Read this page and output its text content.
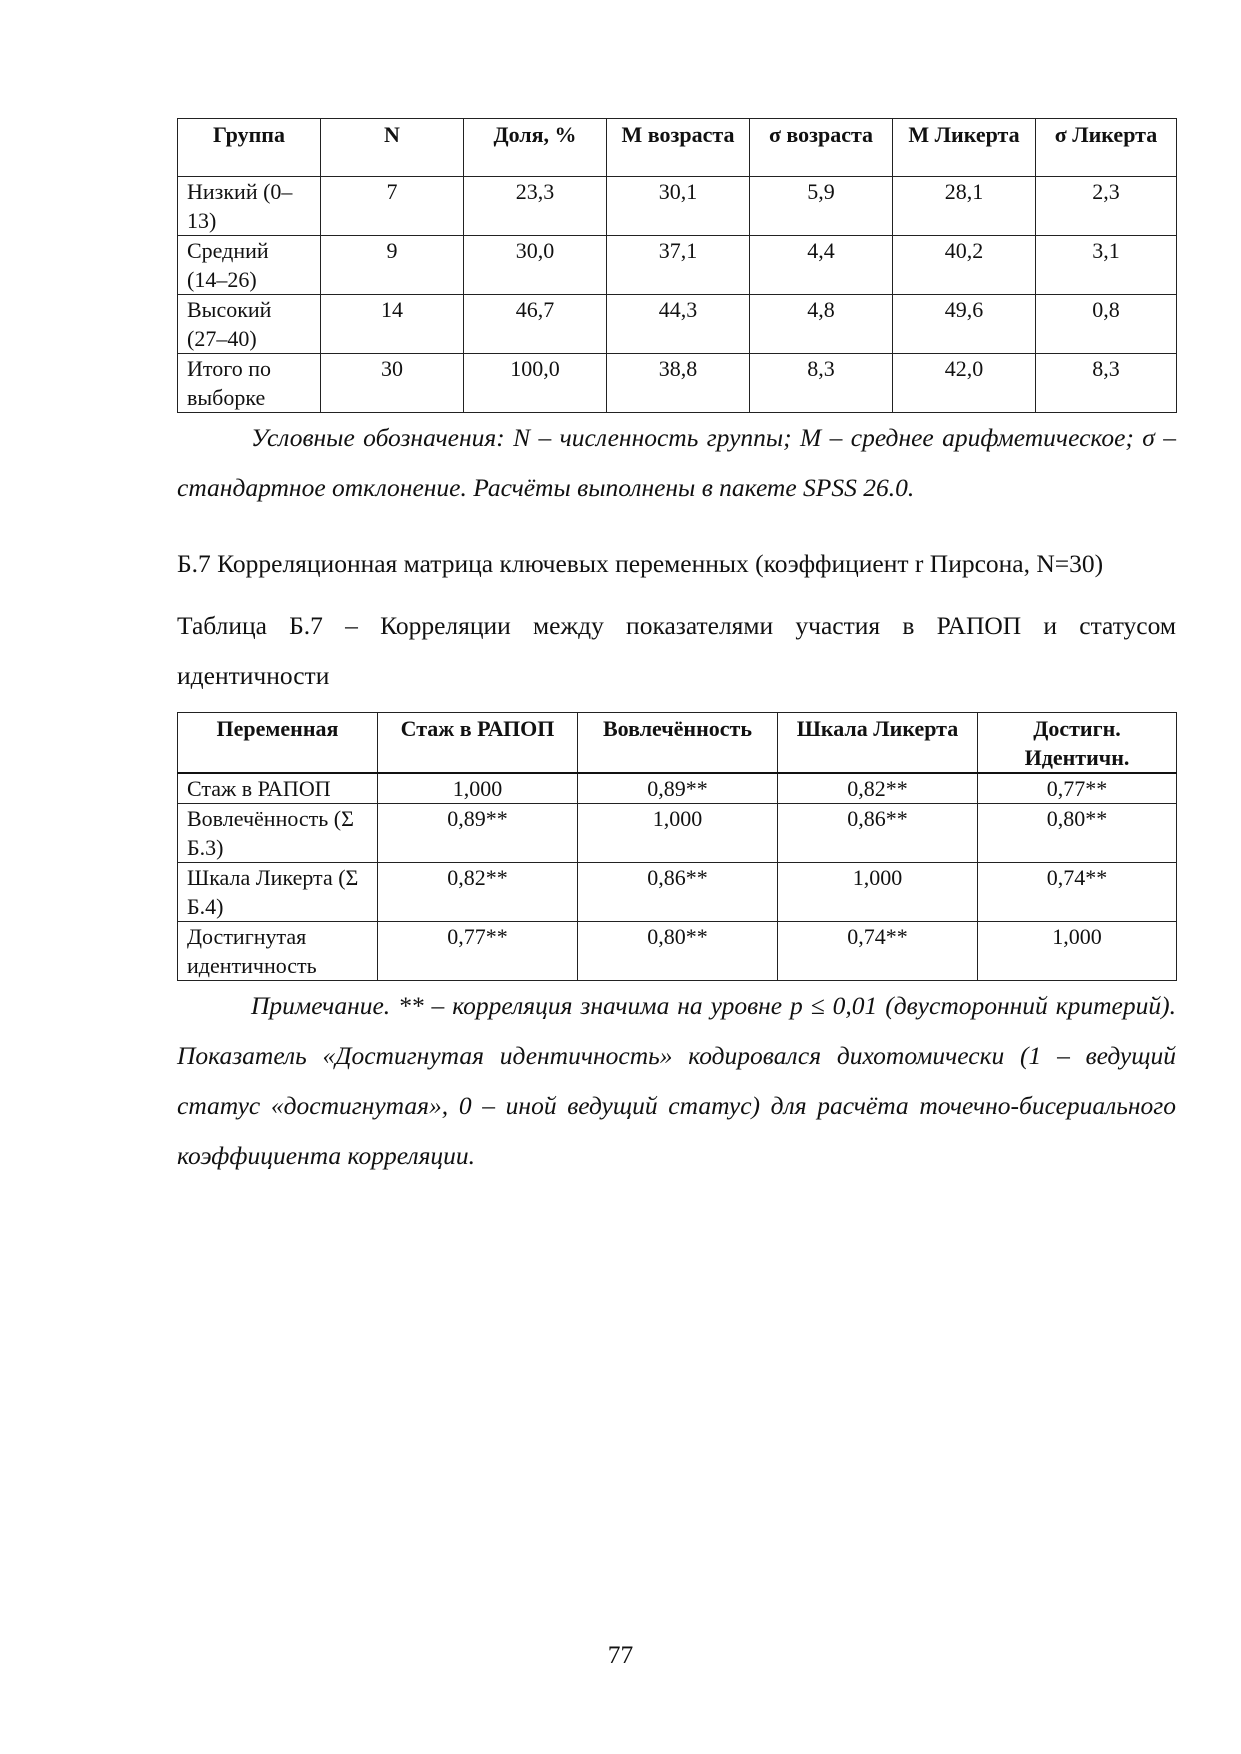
Группа	N	Доля, %	M возраста	σ возраста	M Ликерта	σ Ликерта
Низкий (0–13)	7	23,3	30,1	5,9	28,1	2,3
Средний (14–26)	9	30,0	37,1	4,4	40,2	3,1
Высокий (27–40)	14	46,7	44,3	4,8	49,6	0,8
Итого по выборке	30	100,0	38,8	8,3	42,0	8,3

Условные обозначения: N – численность группы; M – среднее арифметическое; σ – стандартное отклонение. Расчёты выполнены в пакете SPSS 26.0.

Б.7 Корреляционная матрица ключевых переменных (коэффициент r Пирсона, N=30)

Таблица Б.7 – Корреляции между показателями участия в РАПОП и статусом идентичности

Переменная	Стаж в РАПОП	Вовлечённость	Шкала Ликерта	Достигн. Идентичн.
Стаж в РАПОП	1,000	0,89**	0,82**	0,77**
Вовлечённость (Σ Б.3)	0,89**	1,000	0,86**	0,80**
Шкала Ликерта (Σ Б.4)	0,82**	0,86**	1,000	0,74**
Достигнутая идентичность	0,77**	0,80**	0,74**	1,000

Примечание. ** – корреляция значима на уровне p ≤ 0,01 (двусторонний критерий). Показатель «Достигнутая идентичность» кодировался дихотомически (1 – ведущий статус «достигнутая», 0 – иной ведущий статус) для расчёта точечно-бисериального коэффициента корреляции.

77
